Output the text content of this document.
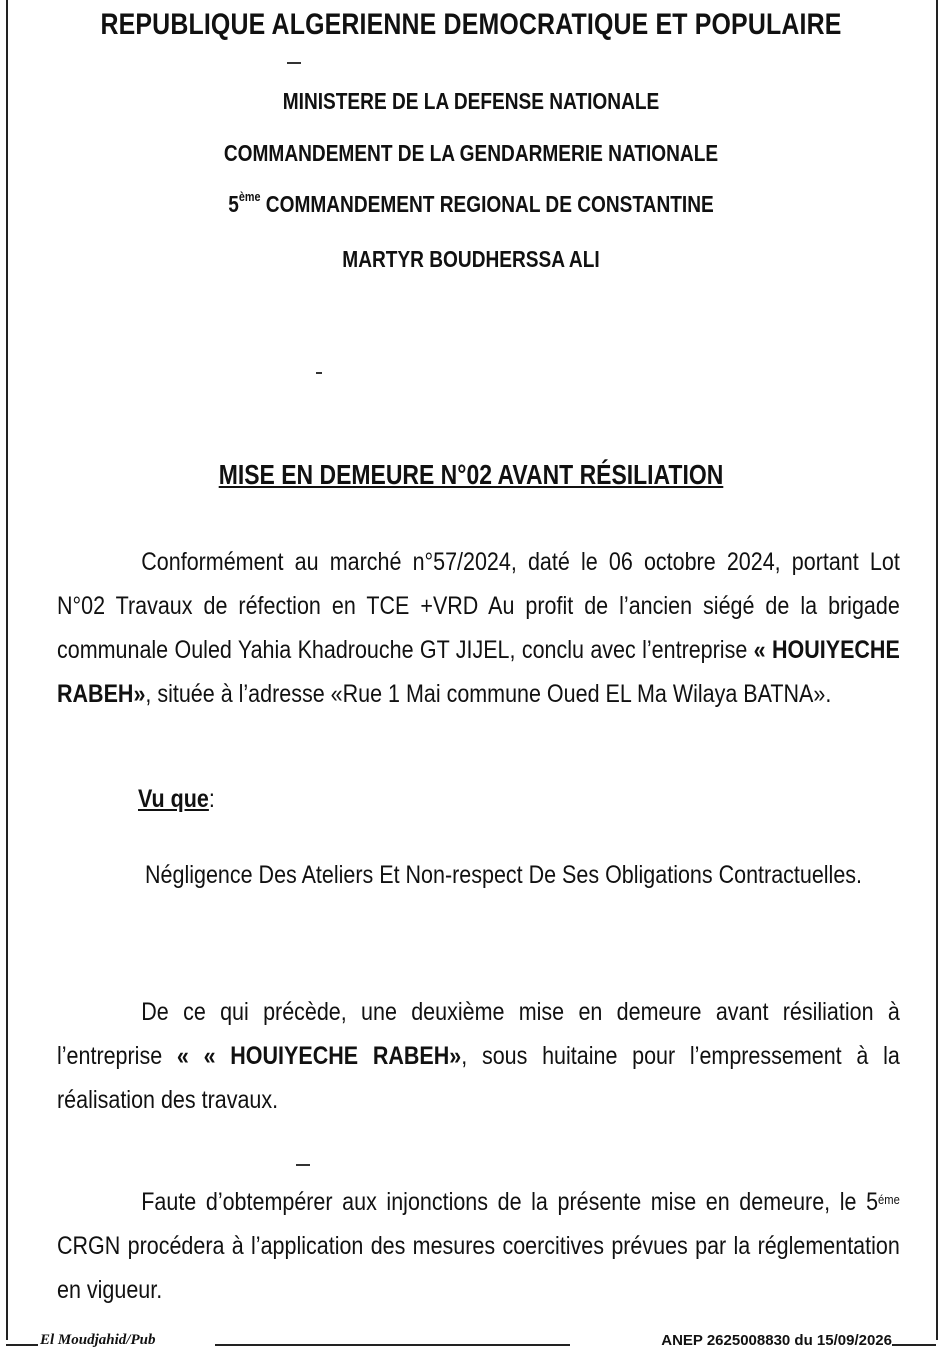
REPUBLIQUE ALGERIENNE DEMOCRATIQUE ET POPULAIRE
MINISTERE DE LA DEFENSE NATIONALE
COMMANDEMENT DE LA GENDARMERIE NATIONALE
5ème COMMANDEMENT REGIONAL DE CONSTANTINE
MARTYR BOUDHERSSA ALI
MISE EN DEMEURE N°02 AVANT RÉSILIATION
Conformément au marché n°57/2024, daté le 06 octobre 2024, portant Lot N°02 Travaux de réfection en TCE +VRD Au profit de l’ancien siégé de la brigade communale Ouled Yahia Khadrouche GT JIJEL, conclu avec l’entreprise « HOUIYECHE RABEH», située à l’adresse «Rue 1 Mai commune Oued EL Ma Wilaya BATNA».
Vu que:
Négligence Des Ateliers Et Non-respect De Ses Obligations Contractuelles.
De ce qui précède, une deuxième mise en demeure avant résiliation à l’entreprise « « HOUIYECHE RABEH», sous huitaine pour l’empressement à la réalisation des travaux.
Faute d’obtempérer aux injonctions de la présente mise en demeure, le $5^{éme}$ CRGN procédera à l’application des mesures coercitives prévues par la réglementation en vigueur.
El Moudjahid/Pub	ANEP 2625008830 du 15/09/2026
